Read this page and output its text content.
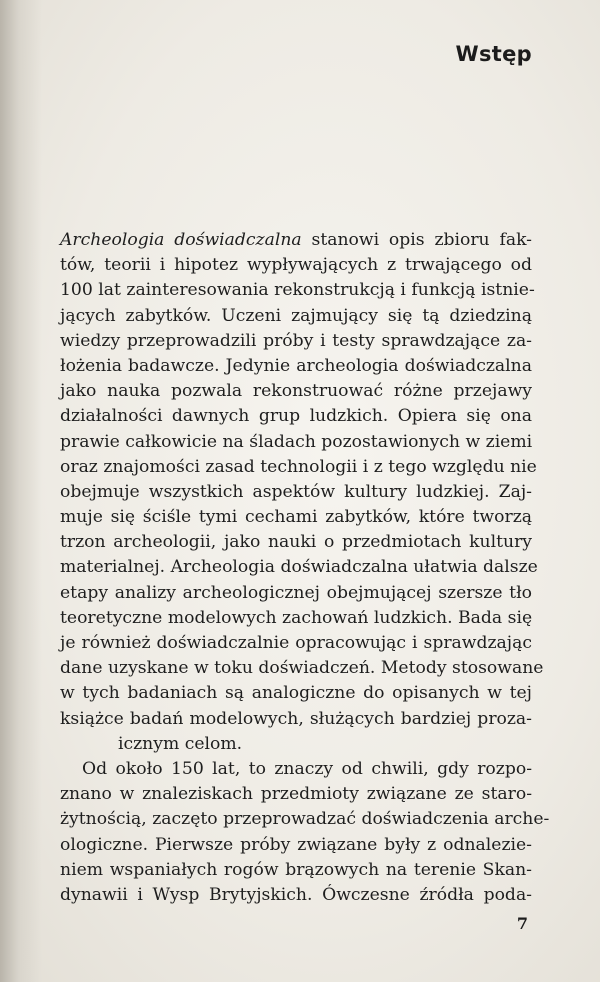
Wstęp
Archeologia doświadczalna stanowi opis zbioru fak-
tów, teorii i hipotez wypływających z trwającego od
100 lat zainteresowania rekonstrukcją i funkcją istnie-
jących zabytków. Uczeni zajmujący się tą dziedziną
wiedzy przeprowadzili próby i testy sprawdzające za-
łożenia badawcze. Jedynie archeologia doświadczalna
jako nauka pozwala rekonstruować różne przejawy
działalności dawnych grup ludzkich. Opiera się ona
prawie całkowicie na śladach pozostawionych w ziemi
oraz znajomości zasad technologii i z tego względu nie
obejmuje wszystkich aspektów kultury ludzkiej. Zaj-
muje się ściśle tymi cechami zabytków, które tworzą
trzon archeologii, jako nauki o przedmiotach kultury
materialnej. Archeologia doświadczalna ułatwia dalsze
etapy analizy archeologicznej obejmującej szersze tło
teoretyczne modelowych zachowań ludzkich. Bada się
je również doświadczalnie opracowując i sprawdzając
dane uzyskane w toku doświadczeń. Metody stosowane
w tych badaniach są analogiczne do opisanych w tej
książce badań modelowych, służących bardziej proza-
icznym celom.
Od około 150 lat, to znaczy od chwili, gdy rozpo-
znano w znaleziskach przedmioty związane ze staro-
żytnością, zaczęto przeprowadzać doświadczenia arche-
ologiczne. Pierwsze próby związane były z odnalezie-
niem wspaniałych rogów brązowych na terenie Skan-
dynawii i Wysp Brytyjskich. Ówczesne źródła poda-
7
